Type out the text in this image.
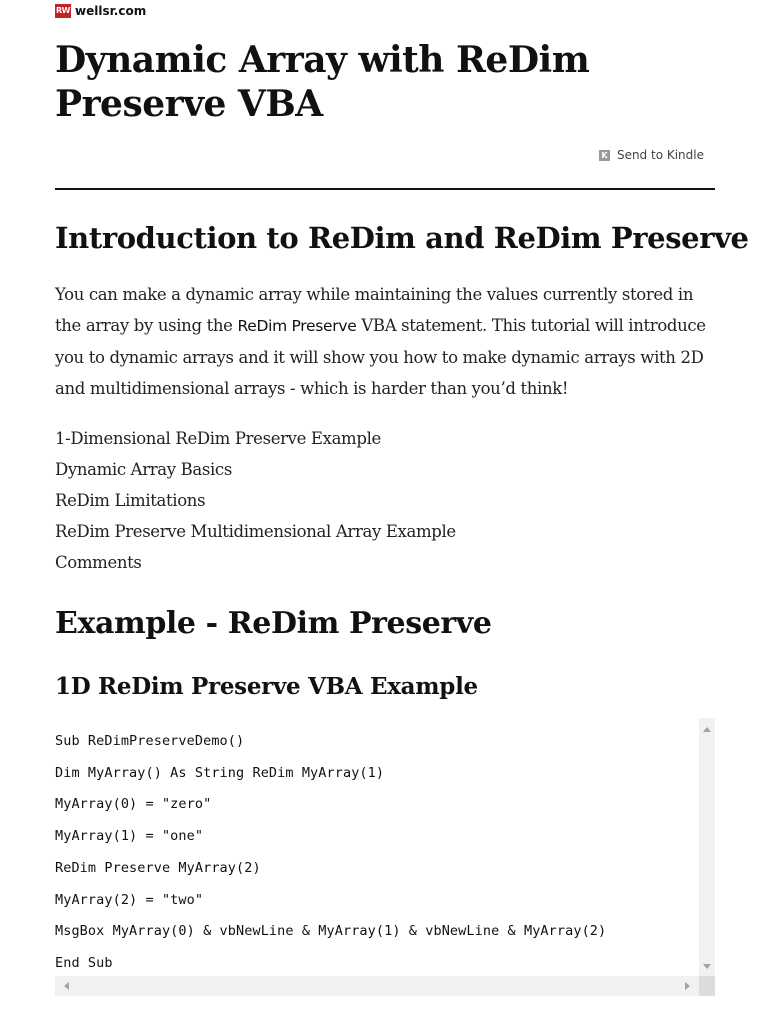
RW wellsr.com
Dynamic Array with ReDim Preserve VBA
K Send to Kindle
Introduction to ReDim and ReDim Preserve

You can make a dynamic array while maintaining the values currently stored in the array by using the ReDim Preserve VBA statement. This tutorial will introduce you to dynamic arrays and it will show you how to make dynamic arrays with 2D and multidimensional arrays - which is harder than you’d think!

1-Dimensional ReDim Preserve Example
Dynamic Array Basics
ReDim Limitations
ReDim Preserve Multidimensional Array Example
Comments
Example - ReDim Preserve
1D ReDim Preserve VBA Example
Sub ReDimPreserveDemo()
Dim MyArray() As String ReDim MyArray(1)
MyArray(0) = "zero"
MyArray(1) = "one"
ReDim Preserve MyArray(2)
MyArray(2) = "two"
MsgBox MyArray(0) & vbNewLine & MyArray(1) & vbNewLine & MyArray(2)
End Sub
